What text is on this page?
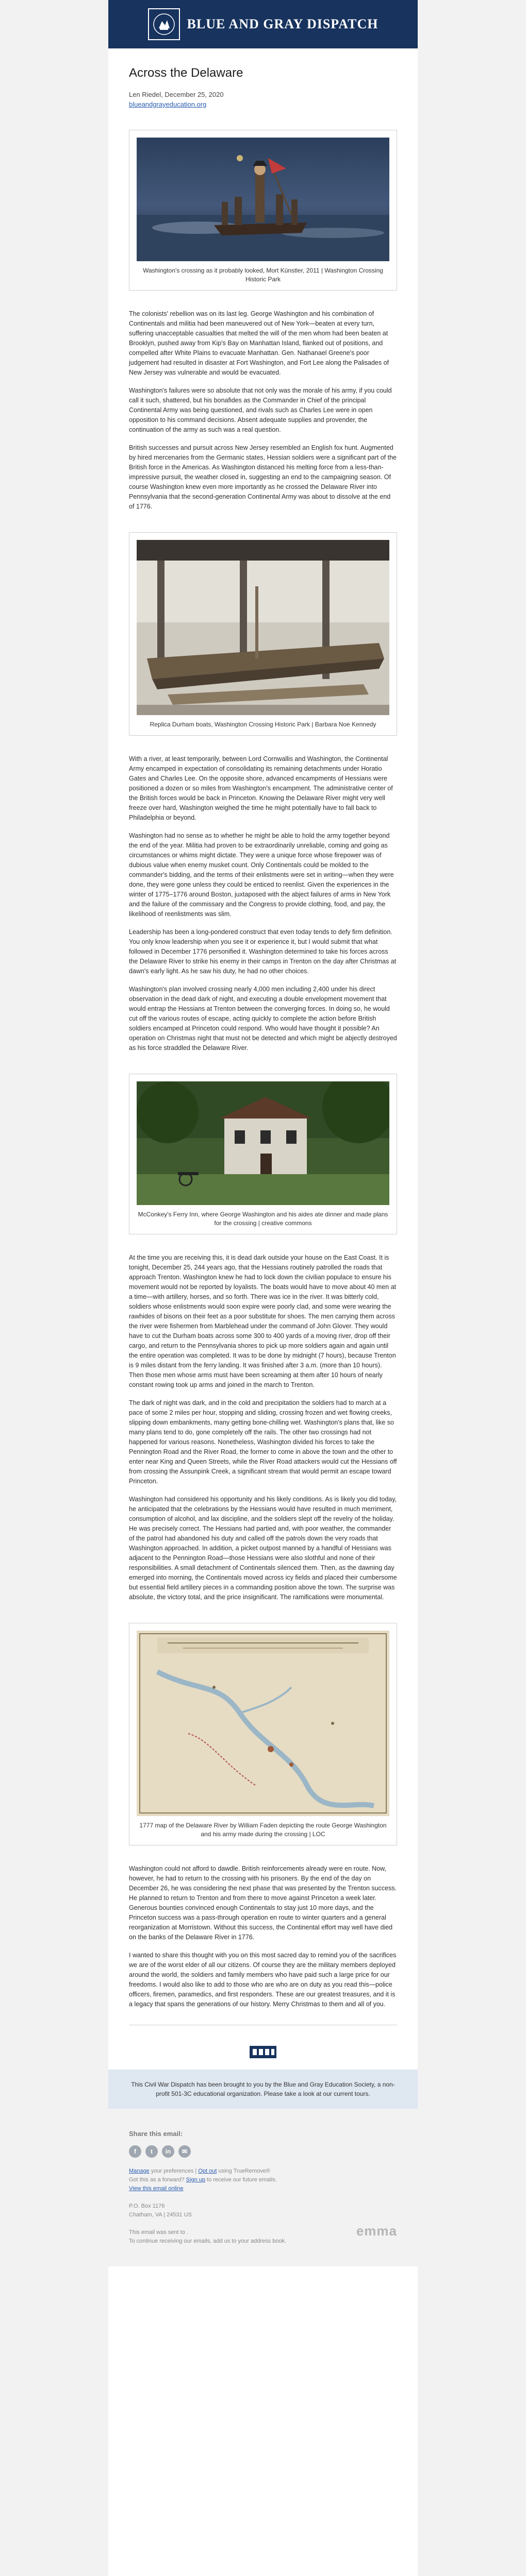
BLUE AND GRAY DISPATCH
Across the Delaware
Len Riedel, December 25, 2020
blueandgrayeducation.org
Washington's crossing as it probably looked, Mort Künstler, 2011 | Washington Crossing Historic Park

The colonists' rebellion was on its last leg. George Washington and his combination of Continentals and militia had been maneuvered out of New York—beaten at every turn, suffering unacceptable casualties that melted the will of the men whom had been beaten at Brooklyn, pushed away from Kip's Bay on Manhattan Island, flanked out of positions, and compelled after White Plains to evacuate Manhattan. Gen. Nathanael Greene's poor judgement had resulted in disaster at Fort Washington, and Fort Lee along the Palisades of New Jersey was vulnerable and would be evacuated.

Washington's failures were so absolute that not only was the morale of his army, if you could call it such, shattered, but his bonafides as the Commander in Chief of the principal Continental Army was being questioned, and rivals such as Charles Lee were in open opposition to his command decisions. Absent adequate supplies and provender, the continuation of the army as such was a real question.

British successes and pursuit across New Jersey resembled an English fox hunt. Augmented by hired mercenaries from the Germanic states, Hessian soldiers were a significant part of the British force in the Americas. As Washington distanced his melting force from a less-than-impressive pursuit, the weather closed in, suggesting an end to the campaigning season. Of course Washington knew even more importantly as he crossed the Delaware River into Pennsylvania that the second-generation Continental Army was about to dissolve at the end of 1776.

Replica Durham boats, Washington Crossing Historic Park | Barbara Noe Kennedy

With a river, at least temporarily, between Lord Cornwallis and Washington, the Continental Army encamped in expectation of consolidating its remaining detachments under Horatio Gates and Charles Lee. On the opposite shore, advanced encampments of Hessians were positioned a dozen or so miles from Washington's encampment. The administrative center of the British forces would be back in Princeton. Knowing the Delaware River might very well freeze over hard, Washington weighed the time he might potentially have to fall back to Philadelphia or beyond.

Washington had no sense as to whether he might be able to hold the army together beyond the end of the year. Militia had proven to be extraordinarily unreliable, coming and going as circumstances or whims might dictate. They were a unique force whose firepower was of dubious value when enemy musket count. Only Continentals could be molded to the commander's bidding, and the terms of their enlistments were set in writing—when they were done, they were gone unless they could be enticed to reenlist. Given the experiences in the winter of 1775–1776 around Boston, juxtaposed with the abject failures of arms in New York and the failure of the commissary and the Congress to provide clothing, food, and pay, the likelihood of reenlistments was slim.

Leadership has been a long-pondered construct that even today tends to defy firm definition. You only know leadership when you see it or experience it, but I would submit that what followed in December 1776 personified it. Washington determined to take his forces across the Delaware River to strike his enemy in their camps in Trenton on the day after Christmas at dawn's early light. As he saw his duty, he had no other choices.

Washington's plan involved crossing nearly 4,000 men including 2,400 under his direct observation in the dead dark of night, and executing a double envelopment movement that would entrap the Hessians at Trenton between the converging forces. In doing so, he would cut off the various routes of escape, acting quickly to complete the action before British soldiers encamped at Princeton could respond. Who would have thought it possible? An operation on Christmas night that must not be detected and which might be abjectly destroyed as his force straddled the Delaware River.

McConkey's Ferry Inn, where George Washington and his aides ate dinner and made plans for the crossing | creative commons

At the time you are receiving this, it is dead dark outside your house on the East Coast. It is tonight, December 25, 244 years ago, that the Hessians routinely patrolled the roads that approach Trenton. Washington knew he had to lock down the civilian populace to ensure his movement would not be reported by loyalists. The boats would have to move about 40 men at a time—with artillery, horses, and so forth. There was ice in the river. It was bitterly cold, soldiers whose enlistments would soon expire were poorly clad, and some were wearing the rawhides of bisons on their feet as a poor substitute for shoes. The men carrying them across the river were fishermen from Marblehead under the command of John Glover. They would have to cut the Durham boats across some 300 to 400 yards of a moving river, drop off their cargo, and return to the Pennsylvania shores to pick up more soldiers again and again until the entire operation was completed. It was to be done by midnight (7 hours), because Trenton is 9 miles distant from the ferry landing. It was finished after 3 a.m. (more than 10 hours). Then those men whose arms must have been screaming at them after 10 hours of nearly constant rowing took up arms and joined in the march to Trenton.

The dark of night was dark, and in the cold and precipitation the soldiers had to march at a pace of some 2 miles per hour, stopping and sliding, crossing frozen and wet flowing creeks, slipping down embankments, many getting bone-chilling wet. Washington's plans that, like so many plans tend to do, gone completely off the rails. The other two crossings had not happened for various reasons. Nonetheless, Washington divided his forces to take the Pennington Road and the River Road, the former to come in above the town and the other to enter near King and Queen Streets, while the River Road attackers would cut the Hessians off from crossing the Assunpink Creek, a significant stream that would permit an escape toward Princeton.

Washington had considered his opportunity and his likely conditions. As is likely you did today, he anticipated that the celebrations by the Hessians would have resulted in much merriment, consumption of alcohol, and lax discipline, and the soldiers slept off the revelry of the holiday. He was precisely correct. The Hessians had partied and, with poor weather, the commander of the patrol had abandoned his duty and called off the patrols down the very roads that Washington approached. In addition, a picket outpost manned by a handful of Hessians was adjacent to the Pennington Road—those Hessians were also slothful and none of their responsibilities. A small detachment of Continentals silenced them. Then, as the dawning day emerged into morning, the Continentals moved across icy fields and placed their cumbersome but essential field artillery pieces in a commanding position above the town. The surprise was absolute, the victory total, and the price insignificant. The ramifications were monumental.

1777 map of the Delaware River by William Faden depicting the route George Washington and his army made during the crossing | LOC

Washington could not afford to dawdle. British reinforcements already were en route. Now, however, he had to return to the crossing with his prisoners. By the end of the day on December 26, he was considering the next phase that was presented by the Trenton success. He planned to return to Trenton and from there to move against Princeton a week later. Generous bounties convinced enough Continentals to stay just 10 more days, and the Princeton success was a pass-through operation en route to winter quarters and a general reorganization at Morristown. Without this success, the Continental effort may well have died on the banks of the Delaware River in 1776.

I wanted to share this thought with you on this most sacred day to remind you of the sacrifices we are of the worst elder of all our citizens. Of course they are the military members deployed around the world, the soldiers and family members who have paid such a large price for our freedoms. I would also like to add to those who are who are on duty as you read this—police officers, firemen, paramedics, and first responders. These are our greatest treasures, and it is a legacy that spans the generations of our history. Merry Christmas to them and all of you.

This Civil War Dispatch has been brought to you by the Blue and Gray Education Society, a non-profit 501-3C educational organization. Please take a look at our current tours.
Share this email:
f	t	in	✉
Manage your preferences | Opt out using TrueRemove®
Got this as a forward? Sign up to receive our future emails.
View this email online

P.O. Box 1176
Chatham, VA | 24531 US

This email was sent to .
To continue receiving our emails, add us to your address book.
emma
